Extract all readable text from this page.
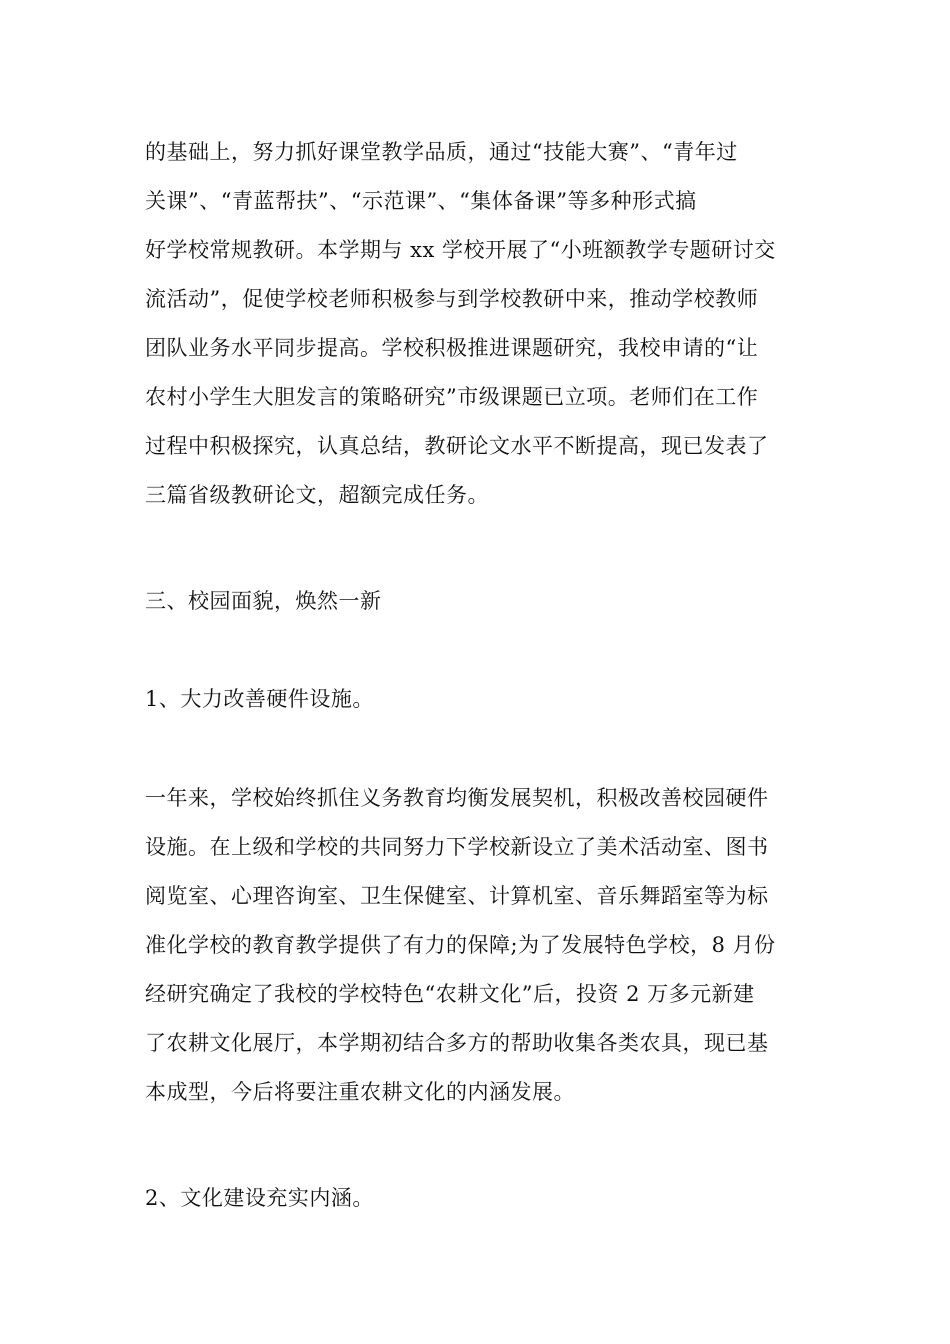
的基础上，努力抓好课堂教学品质，通过“技能大赛”、“青年过
关课”、“青蓝帮扶”、“示范课”、“集体备课”等多种形式搞
好学校常规教研。本学期与 xx 学校开展了“小班额教学专题研讨交
流活动”，促使学校老师积极参与到学校教研中来，推动学校教师
团队业务水平同步提高。学校积极推进课题研究，我校申请的“让
农村小学生大胆发言的策略研究”市级课题已立项。老师们在工作
过程中积极探究，认真总结，教研论文水平不断提高，现已发表了
三篇省级教研论文，超额完成任务。
三、校园面貌，焕然一新
1、大力改善硬件设施。
一年来，学校始终抓住义务教育均衡发展契机，积极改善校园硬件
设施。在上级和学校的共同努力下学校新设立了美术活动室、图书
阅览室、心理咨询室、卫生保健室、计算机室、音乐舞蹈室等为标
准化学校的教育教学提供了有力的保障;为了发展特色学校，8 月份
经研究确定了我校的学校特色“农耕文化”后，投资 2 万多元新建
了农耕文化展厅，本学期初结合多方的帮助收集各类农具，现已基
本成型，今后将要注重农耕文化的内涵发展。
2、文化建设充实内涵。
